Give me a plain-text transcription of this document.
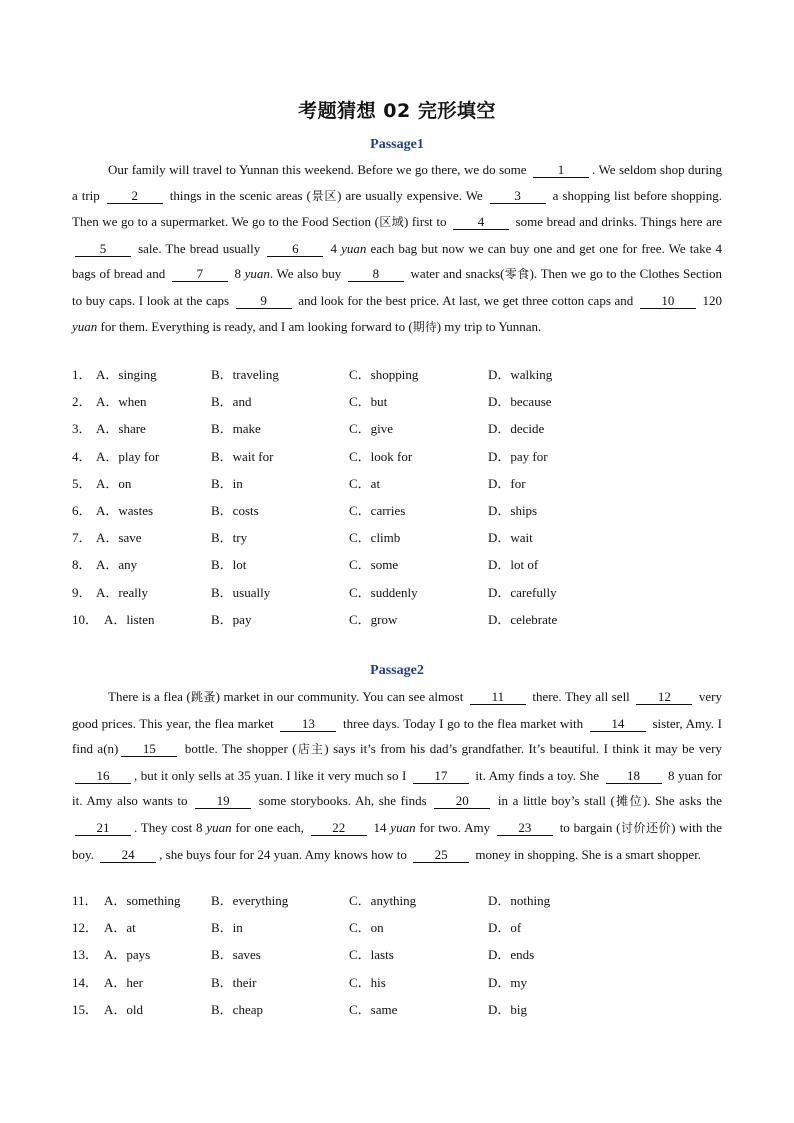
考题猜想 02 完形填空
Passage1
Our family will travel to Yunnan this weekend. Before we go there, we do some 1 . We seldom shop during a trip 2 things in the scenic areas (景区) are usually expensive. We 3 a shopping list before shopping. Then we go to a supermarket. We go to the Food Section (区域) first to 4 some bread and drinks. Things here are 5 sale. The bread usually 6 4 yuan each bag but now we can buy one and get one for free. We take 4 bags of bread and 7 8 yuan. We also buy 8 water and snacks(零食). Then we go to the Clothes Section to buy caps. I look at the caps 9 and look for the best price. At last, we get three cotton caps and 10 120 yuan for them. Everything is ready, and I am looking forward to (期待) my trip to Yunnan.
1． A．singing	B．traveling	C．shopping	D．walking
2． A．when	B．and	C．but	D．because
3． A．share	B．make	C．give	D．decide
4． A．play for	B．wait for	C．look for	D．pay for
5． A．on	B．in	C．at	D．for
6． A．wastes	B．costs	C．carries	D．ships
7． A．save	B．try	C．climb	D．wait
8． A．any	B．lot	C．some	D．lot of
9． A．really	B．usually	C．suddenly	D．carefully
10． A．listen	B．pay	C．grow	D．celebrate
Passage2
There is a flea (跳蚤) market in our community. You can see almost 11 there. They all sell 12 very good prices. This year, the flea market 13 three days. Today I go to the flea market with 14 sister, Amy. I find a(n) 15 bottle. The shopper (店主) says it’s from his dad’s grandfather. It’s beautiful. I think it may be very 16 , but it only sells at 35 yuan. I like it very much so I 17 it. Amy finds a toy. She 18 8 yuan for it. Amy also wants to 19 some storybooks. Ah, she finds 20 in a little boy’s stall (摊位). She asks the 21 . They cost 8 yuan for one each, 22 14 yuan for two. Amy 23 to bargain (讨价还价) with the boy. 24 , she buys four for 24 yuan. Amy knows how to 25 money in shopping. She is a smart shopper.
11． A．something B．everything	C．anything	D．nothing
12． A．at	B．in	C．on	D．of
13． A．pays	B．saves	C．lasts	D．ends
14． A．her	B．their	C．his	D．my
15． A．old	B．cheap	C．same	D．big
